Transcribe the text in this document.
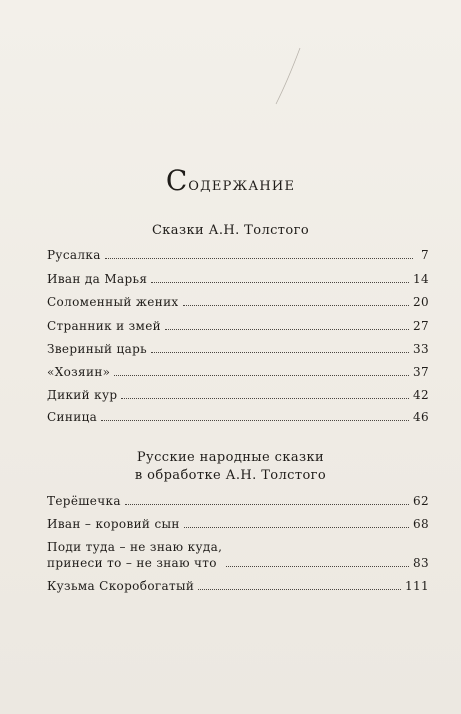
Содержание
Сказки А.Н. Толстого
Русалка	7
Иван да Марья	14
Соломенный жених	20
Странник и змей	27
Звериный царь	33
«Хозяин»	37
Дикий кур	42
Синица	46
Русские народные сказки
в обработке А.Н. Толстого
Терёшечка	62
Иван – коровий сын	68
Поди туда – не знаю куда,
принеси то – не знаю что	83
Кузьма Скоробогатый	111
